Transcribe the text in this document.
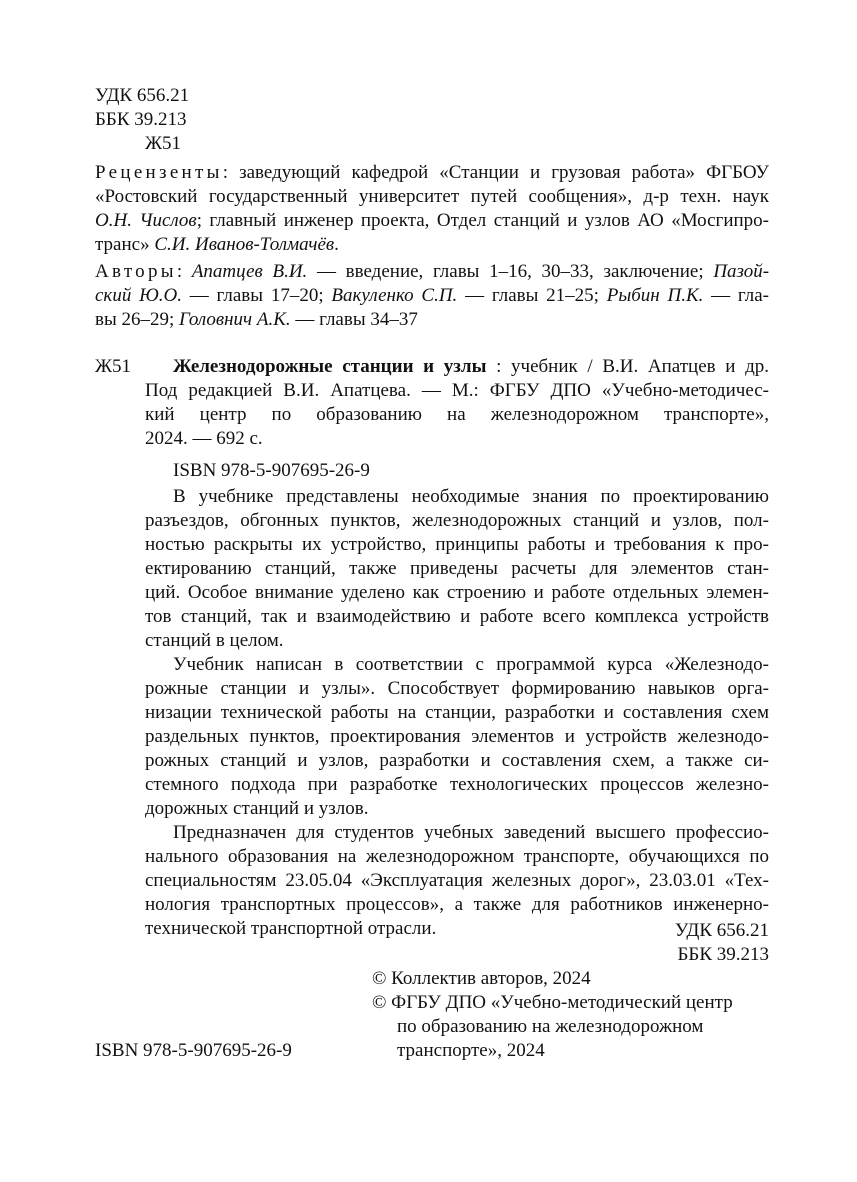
УДК 656.21
ББК 39.213
Ж51
Рецензенты: заведующий кафедрой «Станции и грузовая работа» ФГБОУ
«Ростовский государственный университет путей сообщения», д-р техн. наук
О.Н. Числов; главный инженер проекта, Отдел станций и узлов АО «Мосгипро-
транс» С.И. Иванов-Толмачёв.
Авторы: Апатцев В.И. — введение, главы 1–16, 30–33, заключение; Пазой-
ский Ю.О. — главы 17–20; Вакуленко С.П. — главы 21–25; Рыбин П.К. — гла-
вы 26–29; Головнич А.К. — главы 34–37
Ж51 Железнодорожные станции и узлы : учебник / В.И. Апатцев и др.
Под редакцией В.И. Апатцева. — М.: ФГБУ ДПО «Учебно-методичес-
кий центр по образованию на железнодорожном транспорте»,
2024. — 692 с.
ISBN 978-5-907695-26-9
В учебнике представлены необходимые знания по проектированию
разъездов, обгонных пунктов, железнодорожных станций и узлов, пол-
ностью раскрыты их устройство, принципы работы и требования к про-
ектированию станций, также приведены расчеты для элементов стан-
ций. Особое внимание уделено как строению и работе отдельных элемен-
тов станций, так и взаимодействию и работе всего комплекса устройств
станций в целом.
Учебник написан в соответствии с программой курса «Железнодо-
рожные станции и узлы». Способствует формированию навыков орга-
низации технической работы на станции, разработки и составления схем
раздельных пунктов, проектирования элементов и устройств железнодо-
рожных станций и узлов, разработки и составления схем, а также си-
стемного подхода при разработке технологических процессов железно-
дорожных станций и узлов.
Предназначен для студентов учебных заведений высшего профессио-
нального образования на железнодорожном транспорте, обучающихся по
специальностям 23.05.04 «Эксплуатация железных дорог», 23.03.01 «Тех-
нология транспортных процессов», а также для работников инженерно-
технической транспортной отрасли.	УДК 656.21
ББК 39.213
© Коллектив авторов, 2024
© ФГБУ ДПО «Учебно-методический центр
по образованию на железнодорожном
транспорте», 2024
ISBN 978-5-907695-26-9
